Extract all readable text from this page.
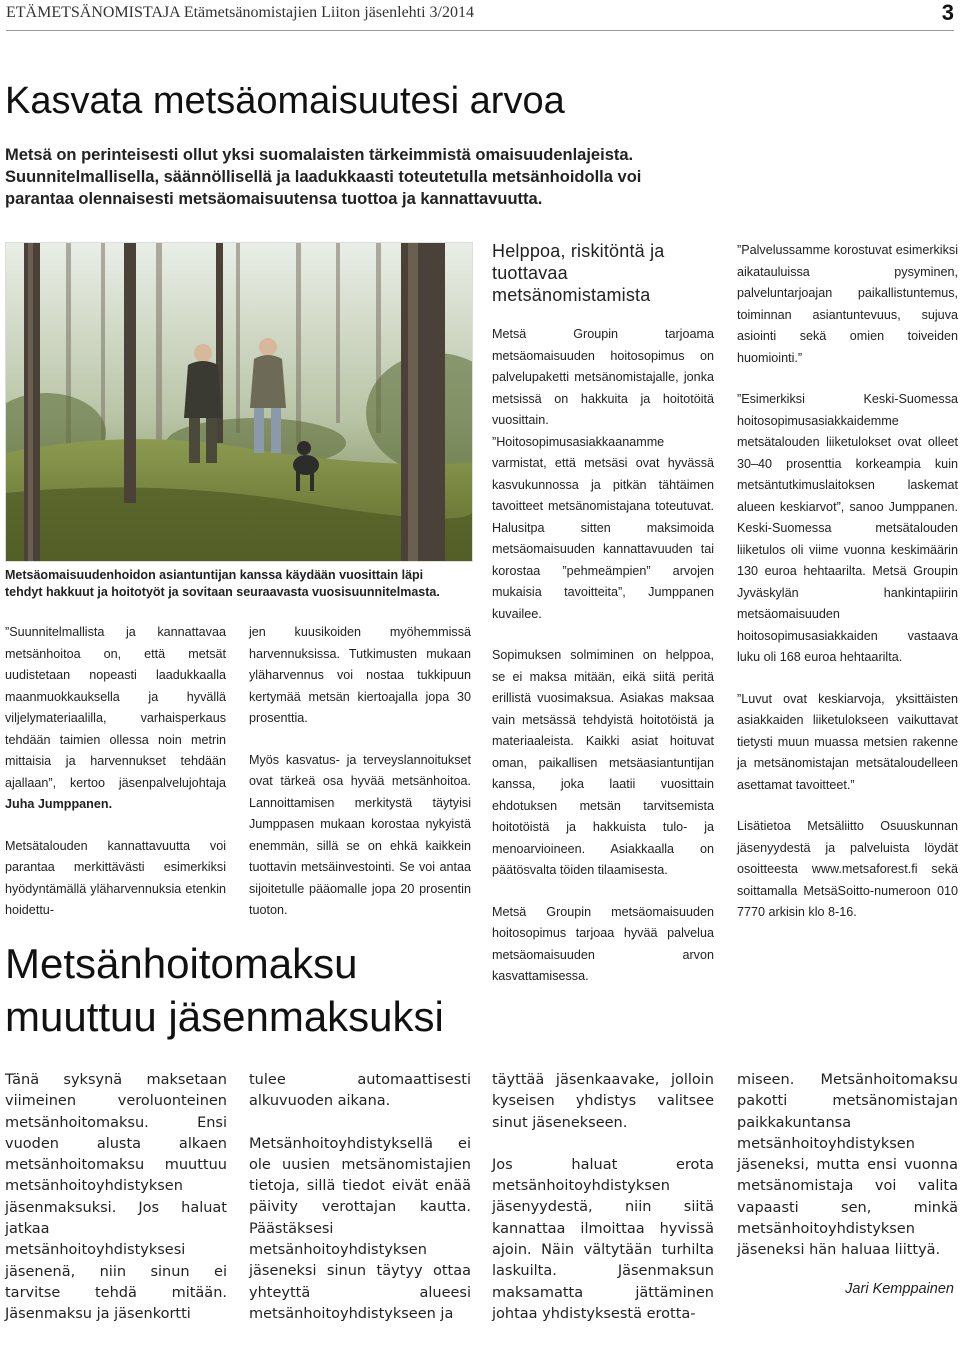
ETÄMETSÄNOMISTAJA Etämetsänomistajien Liiton jäsenlehti 3/2014	3
Kasvata metsäomaisuutesi arvoa
Metsä on perinteisesti ollut yksi suomalaisten tärkeimmistä omaisuudenlajeista.
Suunnitelmallisella, säännöllisellä ja laadukkaasti toteutetulla metsänhoidolla voi
parantaa olennaisesti metsäomaisuutensa tuottoa ja kannattavuutta.
Metsäomaisuudenhoidon asiantuntijan kanssa käydään vuosittain läpi
tehdyt hakkuut ja hoitotyöt ja sovitaan seuraavasta vuosisuunnitelmasta.

”Suunnitelmallista ja kannattavaa metsänhoitoa on, että metsät uudistetaan nopeasti laadukkaalla maanmuokkauksella ja hyvällä viljelymateriaalilla, varhaisperkaus tehdään taimien ollessa noin metrin mittaisia ja harvennukset tehdään ajallaan”, kertoo jäsenpalvelujohtaja Juha Jumppanen.

Metsätalouden kannattavuutta voi parantaa merkittävästi esimerkiksi hyödyntämällä yläharvennuksia etenkin hoidettu-

jen kuusikoiden myöhemmissä harvennuksissa. Tutkimusten mukaan yläharvennus voi nostaa tukkipuun kertymää metsän kiertoajalla jopa 30 prosenttia.

Myös kasvatus- ja terveyslannoitukset ovat tärkeä osa hyvää metsänhoitoa. Lannoittamisen merkitystä täytyisi Jumppasen mukaan korostaa nykyistä enemmän, sillä se on ehkä kaikkein tuottavin metsäinvestointi. Se voi antaa sijoitetulle pääomalle jopa 20 prosentin tuoton.

Helppoa, riskitöntä ja tuottavaa metsänomistamista

Metsä Groupin tarjoama metsäomaisuuden hoitosopimus on palvelupaketti metsänomistajalle, jonka metsissä on hakkuita ja hoitotöitä vuosittain. ”Hoitosopimusasiakkaanamme varmistat, että metsäsi ovat hyvässä kasvukunnossa ja pitkän tähtäimen tavoitteet metsänomistajana toteutuvat. Halusitpa sitten maksimoida metsäomaisuuden kannattavuuden tai korostaa ”pehmeämpien” arvojen mukaisia tavoitteita”, Jumppanen kuvailee.

Sopimuksen solmiminen on helppoa, se ei maksa mitään, eikä siitä peritä erillistä vuosimaksua. Asiakas maksaa vain metsässä tehdyistä hoitotöistä ja materiaaleista. Kaikki asiat hoituvat oman, paikallisen metsäasiantuntijan kanssa, joka laatii vuosittain ehdotuksen metsän tarvitsemista hoitotöistä ja hakkuista tulo- ja menoarvioineen. Asiakkaalla on päätösvalta töiden tilaamisesta.

Metsä Groupin metsäomaisuuden hoitosopimus tarjoaa hyvää palvelua metsäomaisuuden arvon kasvattamisessa.

”Palvelussamme korostuvat esimerkiksi aikatauluissa pysyminen, palveluntarjoajan paikallistuntemus, toiminnan asiantuntevuus, sujuva asiointi sekä omien toiveiden huomiointi.”

”Esimerkiksi Keski-Suomessa hoitosopimusasiakkaidemme metsätalouden liiketulokset ovat olleet 30–40 prosenttia korkeampia kuin metsäntutkimuslaitoksen laskemat alueen keskiarvot”, sanoo Jumppanen. Keski-Suomessa metsätalouden liiketulos oli viime vuonna keskimäärin 130 euroa hehtaarilta. Metsä Groupin Jyväskylän hankintapiirin metsäomaisuuden hoitosopimusasiakkaiden vastaava luku oli 168 euroa hehtaarilta.

”Luvut ovat keskiarvoja, yksittäisten asiakkaiden liiketulokseen vaikuttavat tietysti muun muassa metsien rakenne ja metsänomistajan metsätaloudelleen asettamat tavoitteet.”

Lisätietoa Metsäliitto Osuuskunnan jäsenyydestä ja palveluista löydät osoitteesta www.metsaforest.fi sekä soittamalla MetsäSoitto-numeroon 010 7770 arkisin klo 8-16.

Metsänhoitomaksu
muuttuu jäsenmaksuksi

Tänä syksynä maksetaan viimeinen veroluonteinen metsänhoitomaksu. Ensi vuoden alusta alkaen metsänhoitomaksu muuttuu metsänhoitoyhdistyksen jäsenmaksuksi. Jos haluat jatkaa metsänhoitoyhdistyksesi jäsenenä, niin sinun ei tarvitse tehdä mitään. Jäsenmaksu ja jäsenkortti

tulee automaattisesti alkuvuoden aikana.

Metsänhoitoyhdistyksellä ei ole uusien metsänomistajien tietoja, sillä tiedot eivät enää päivity verottajan kautta. Päästäksesi metsänhoitoyhdistyksen jäseneksi sinun täytyy ottaa yhteyttä alueesi metsänhoitoyhdistykseen ja

täyttää jäsenkaavake, jolloin kyseisen yhdistys valitsee sinut jäsenekseen.

Jos haluat erota metsänhoitoyhdistyksen jäsenyydestä, niin siitä kannattaa ilmoittaa hyvissä ajoin. Näin vältytään turhilta laskuilta. Jäsenmaksun maksamatta jättäminen johtaa yhdistyksestä erotta-

miseen. Metsänhoitomaksu pakotti metsänomistajan paikkakuntansa metsänhoitoyhdistyksen jäseneksi, mutta ensi vuonna metsänomistaja voi valita vapaasti sen, minkä metsänhoitoyhdistyksen jäseneksi hän haluaa liittyä.

Jari Kemppainen
